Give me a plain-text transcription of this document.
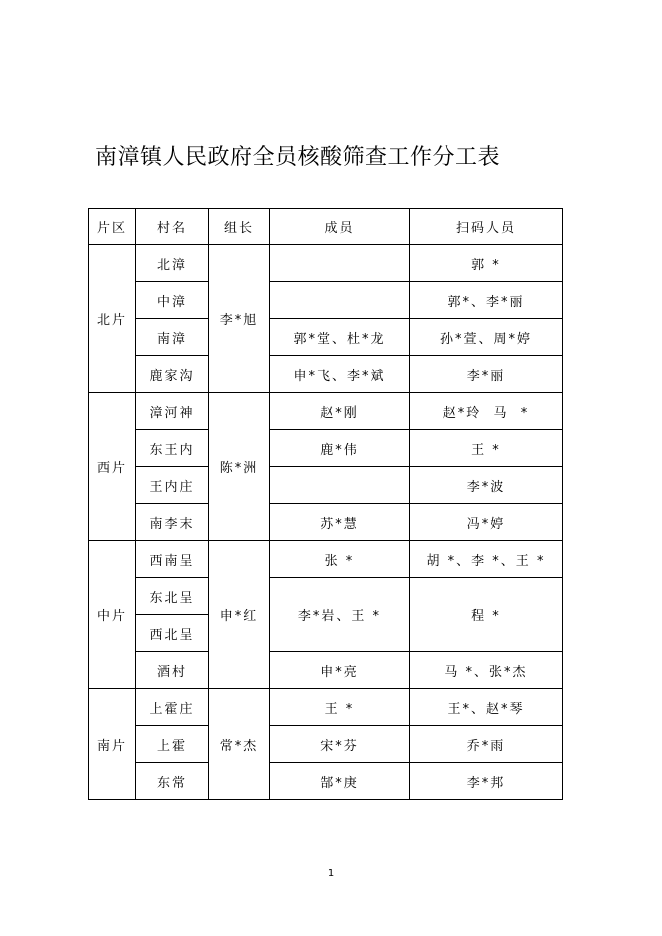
南漳镇人民政府全员核酸筛查工作分工表
片区	村名	组长	成员	扫码人员
北片	北漳	李*旭		郭 *
	中漳			郭*、李*丽
	南漳		郭*堂、杜*龙	孙*萱、周*婷
	鹿家沟		申*飞、李*斌	李*丽
西片	漳河神	陈*洲	赵*刚	赵*玲  马  *
	东王内		鹿*伟	王 *
	王内庄			李*波
	南李末		苏*慧	冯*婷
中片	西南呈	申*红	张 *	胡 *、李 *、王 *
	东北呈		李*岩、王 *	程 *
	西北呈			
	酒村		申*亮	马 *、张*杰
南片	上霍庄	常*杰	王 *	王*、赵*琴
	上霍		宋*芬	乔*雨
	东常		郜*庚	李*邦
1
